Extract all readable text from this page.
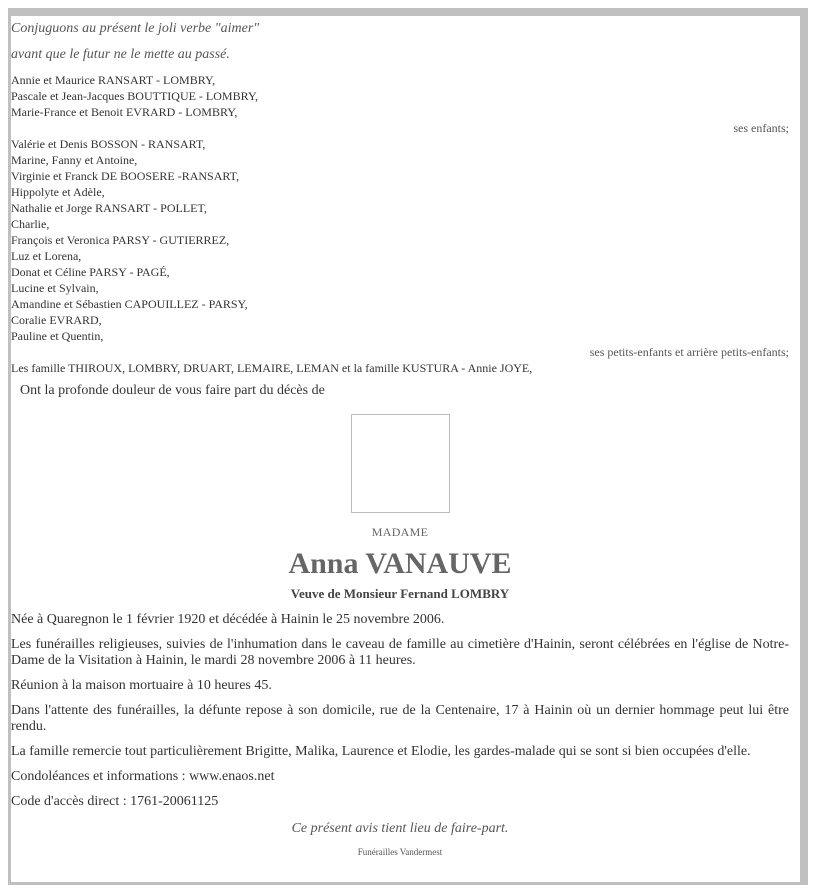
Conjuguons au présent le joli verbe "aimer"

avant que le futur ne le mette au passé.

Annie et Maurice RANSART - LOMBRY,
Pascale et Jean-Jacques BOUTTIQUE - LOMBRY,
Marie-France et Benoit EVRARD - LOMBRY,
ses enfants;
Valérie et Denis BOSSON - RANSART,
Marine, Fanny et Antoine,
Virginie et Franck DE BOOSERE -RANSART,
Hippolyte et Adèle,
Nathalie et Jorge RANSART - POLLET,
Charlie,
François et Veronica PARSY - GUTIERREZ,
Luz et Lorena,
Donat et Céline PARSY - PAGÉ,
Lucine et Sylvain,
Amandine et Sébastien CAPOUILLEZ - PARSY,
Coralie EVRARD,
Pauline et Quentin,
ses petits-enfants et arrière petits-enfants;
Les famille THIROUX, LOMBRY, DRUART, LEMAIRE, LEMAN et la famille KUSTURA - Annie JOYE,
Ont la profonde douleur de vous faire part du décès de
MADAME
Anna VANAUVE
Veuve de Monsieur Fernand LOMBRY

Née à Quaregnon le 1 février 1920 et décédée à Hainin le 25 novembre 2006.

Les funérailles religieuses, suivies de l'inhumation dans le caveau de famille au cimetière d'Hainin, seront célébrées en l'église de Notre-Dame de la Visitation à Hainin, le mardi 28 novembre 2006 à 11 heures.

Réunion à la maison mortuaire à 10 heures 45.

Dans l'attente des funérailles, la défunte repose à son domicile, rue de la Centenaire, 17 à Hainin où un dernier hommage peut lui être rendu.

La famille remercie tout particulièrement Brigitte, Malika, Laurence et Elodie, les gardes-malade qui se sont si bien occupées d'elle.

Condoléances et informations : www.enaos.net

Code d'accès direct : 1761-20061125

Ce présent avis tient lieu de faire-part.
Funérailles Vandermest
